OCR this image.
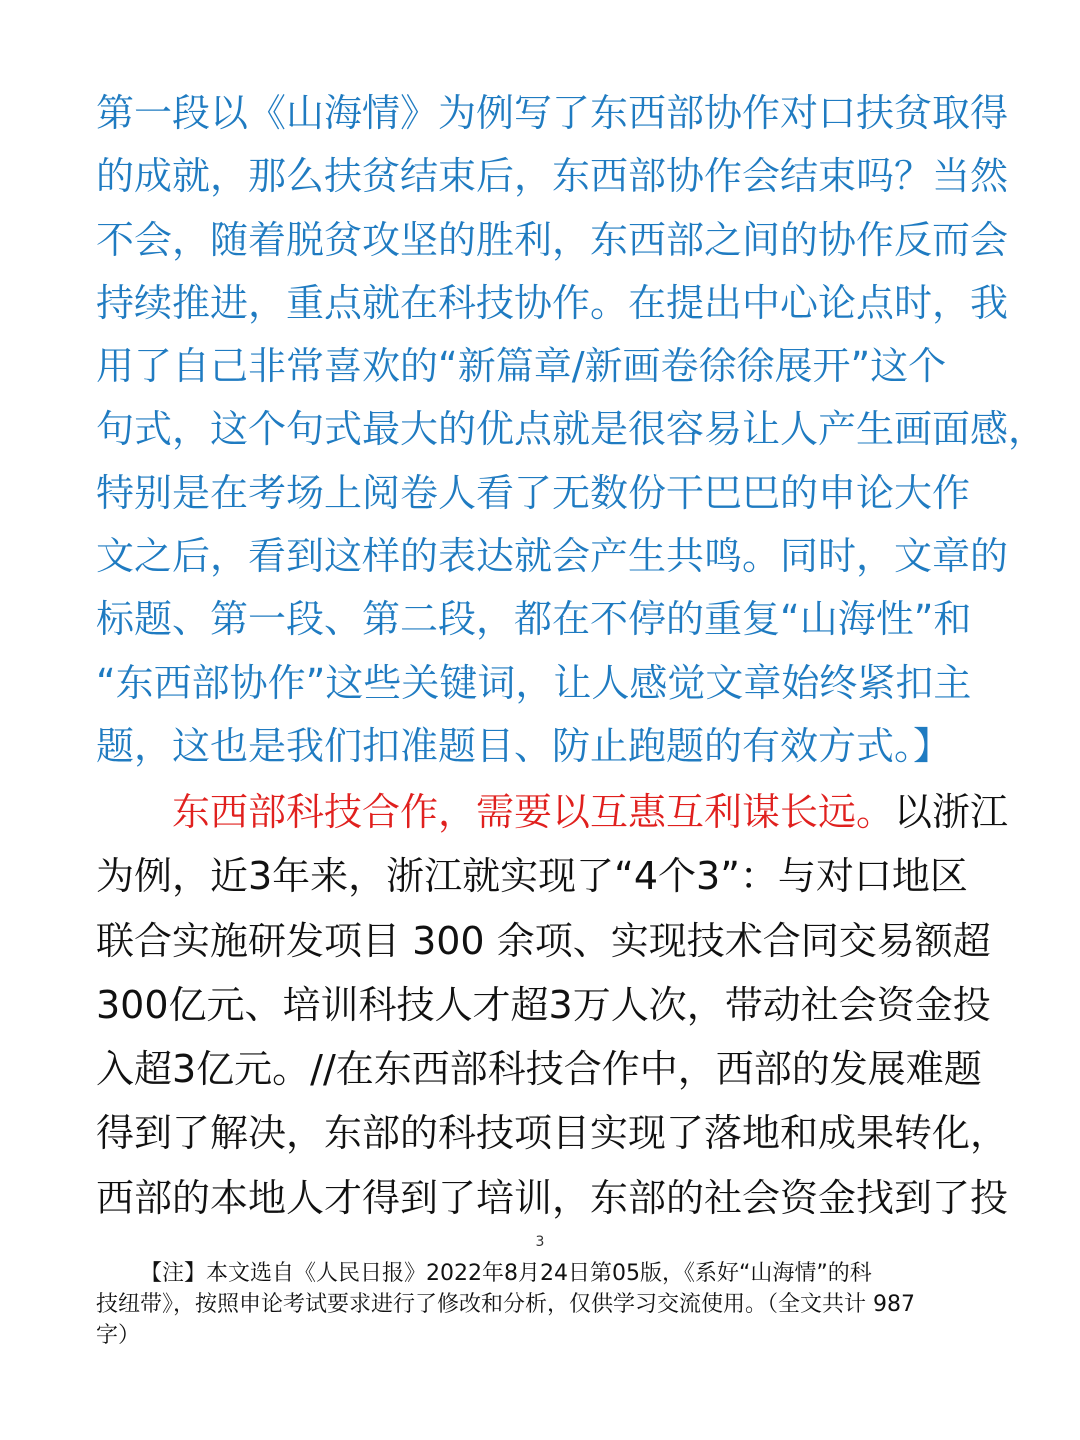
第一段以《山海情》为例写了东西部协作对口扶贫取得
的成就，那么扶贫结束后，东西部协作会结束吗？当然
不会，随着脱贫攻坚的胜利，东西部之间的协作反而会
持续推进，重点就在科技协作。在提出中心论点时，我
用了自己非常喜欢的“新篇章/新画卷徐徐展开”这个
句式，这个句式最大的优点就是很容易让人产生画面感，
特别是在考场上阅卷人看了无数份干巴巴的申论大作
文之后，看到这样的表达就会产生共鸣。同时，文章的
标题、第一段、第二段，都在不停的重复“山海性”和
“东西部协作”这些关键词，让人感觉文章始终紧扣主
题，这也是我们扣准题目、防止跑题的有效方式。】
东西部科技合作，需要以互惠互利谋长远。以浙江
为例，近3年来，浙江就实现了“4个3”：与对口地区
联合实施研发项目 300 余项、实现技术合同交易额超
300亿元、培训科技人才超3万人次，带动社会资金投
入超3亿元。//在东西部科技合作中，西部的发展难题
得到了解决，东部的科技项目实现了落地和成果转化，
西部的本地人才得到了培训，东部的社会资金找到了投
3
【注】本文选自《人民日报》2022年8月24日第05版，《系好“山海情”的科
技纽带》，按照申论考试要求进行了修改和分析，仅供学习交流使用。（全文共计 987
字）
